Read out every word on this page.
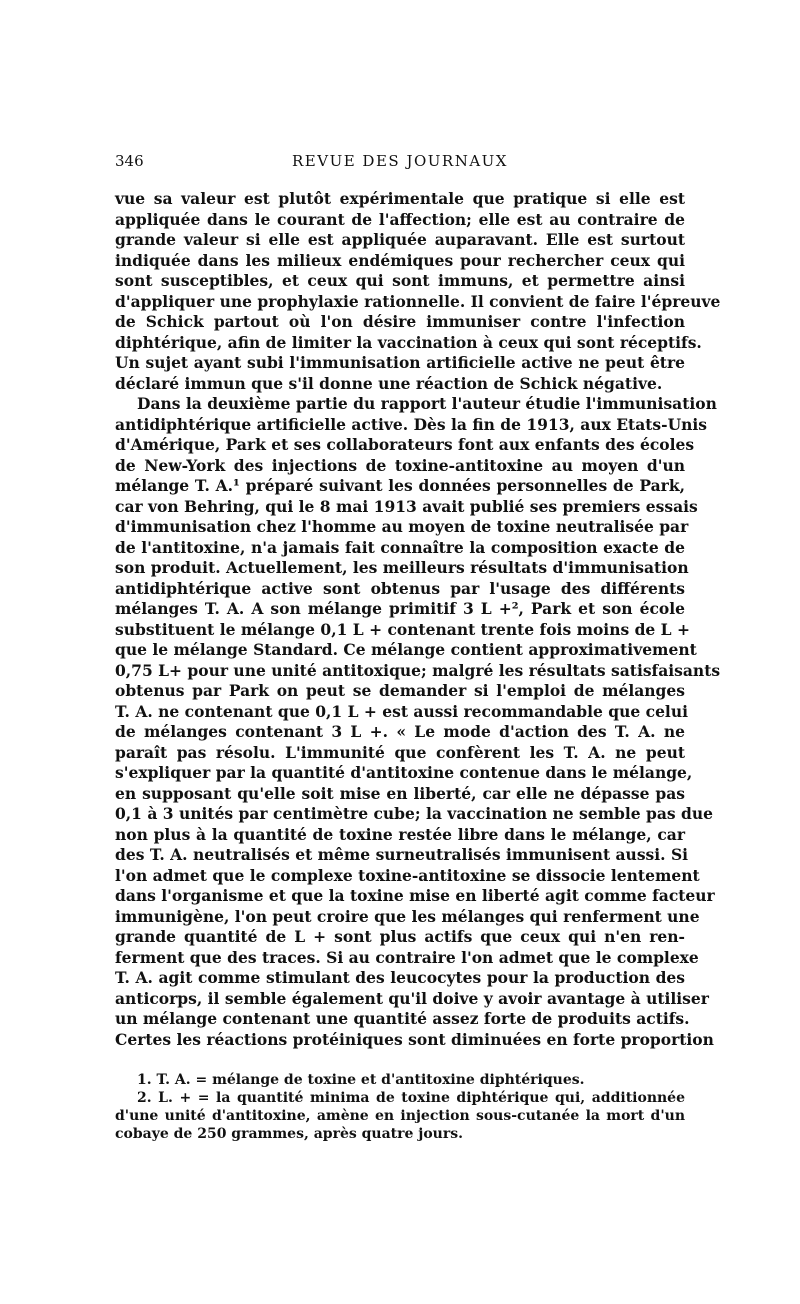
346	REVUE DES JOURNAUX
vue sa valeur est plutôt expérimentale que pratique si elle est
appliquée dans le courant de l'affection; elle est au contraire de
grande valeur si elle est appliquée auparavant. Elle est surtout
indiquée dans les milieux endémiques pour rechercher ceux qui
sont susceptibles, et ceux qui sont immuns, et permettre ainsi
d'appliquer une prophylaxie rationnelle. Il convient de faire l'épreuve
de Schick partout où l'on désire immuniser contre l'infection
diphtérique, afin de limiter la vaccination à ceux qui sont réceptifs.
Un sujet ayant subi l'immunisation artificielle active ne peut être
déclaré immun que s'il donne une réaction de Schick négative.
Dans la deuxième partie du rapport l'auteur étudie l'immunisation
antidiphtérique artificielle active. Dès la fin de 1913, aux Etats-Unis
d'Amérique, Park et ses collaborateurs font aux enfants des écoles
de New-York des injections de toxine-antitoxine au moyen d'un
mélange T. A.¹ préparé suivant les données personnelles de Park,
car von Behring, qui le 8 mai 1913 avait publié ses premiers essais
d'immunisation chez l'homme au moyen de toxine neutralisée par
de l'antitoxine, n'a jamais fait connaître la composition exacte de
son produit. Actuellement, les meilleurs résultats d'immunisation
antidiphtérique active sont obtenus par l'usage des différents
mélanges T. A. A son mélange primitif 3 L +², Park et son école
substituent le mélange 0,1 L + contenant trente fois moins de L +
que le mélange Standard. Ce mélange contient approximativement
0,75 L+ pour une unité antitoxique; malgré les résultats satisfaisants
obtenus par Park on peut se demander si l'emploi de mélanges
T. A. ne contenant que 0,1 L + est aussi recommandable que celui
de mélanges contenant 3 L +. « Le mode d'action des T. A. ne
paraît pas résolu. L'immunité que confèrent les T. A. ne peut
s'expliquer par la quantité d'antitoxine contenue dans le mélange,
en supposant qu'elle soit mise en liberté, car elle ne dépasse pas
0,1 à 3 unités par centimètre cube; la vaccination ne semble pas due
non plus à la quantité de toxine restée libre dans le mélange, car
des T. A. neutralisés et même surneutralisés immunisent aussi. Si
l'on admet que le complexe toxine-antitoxine se dissocie lentement
dans l'organisme et que la toxine mise en liberté agit comme facteur
immunigène, l'on peut croire que les mélanges qui renferment une
grande quantité de L + sont plus actifs que ceux qui n'en ren-
ferment que des traces. Si au contraire l'on admet que le complexe
T. A. agit comme stimulant des leucocytes pour la production des
anticorps, il semble également qu'il doive y avoir avantage à utiliser
un mélange contenant une quantité assez forte de produits actifs.
Certes les réactions protéiniques sont diminuées en forte proportion
1. T. A. = mélange de toxine et d'antitoxine diphtériques.
2. L. + = la quantité minima de toxine diphtérique qui, additionnée
d'une unité d'antitoxine, amène en injection sous-cutanée la mort d'un
cobaye de 250 grammes, après quatre jours.
